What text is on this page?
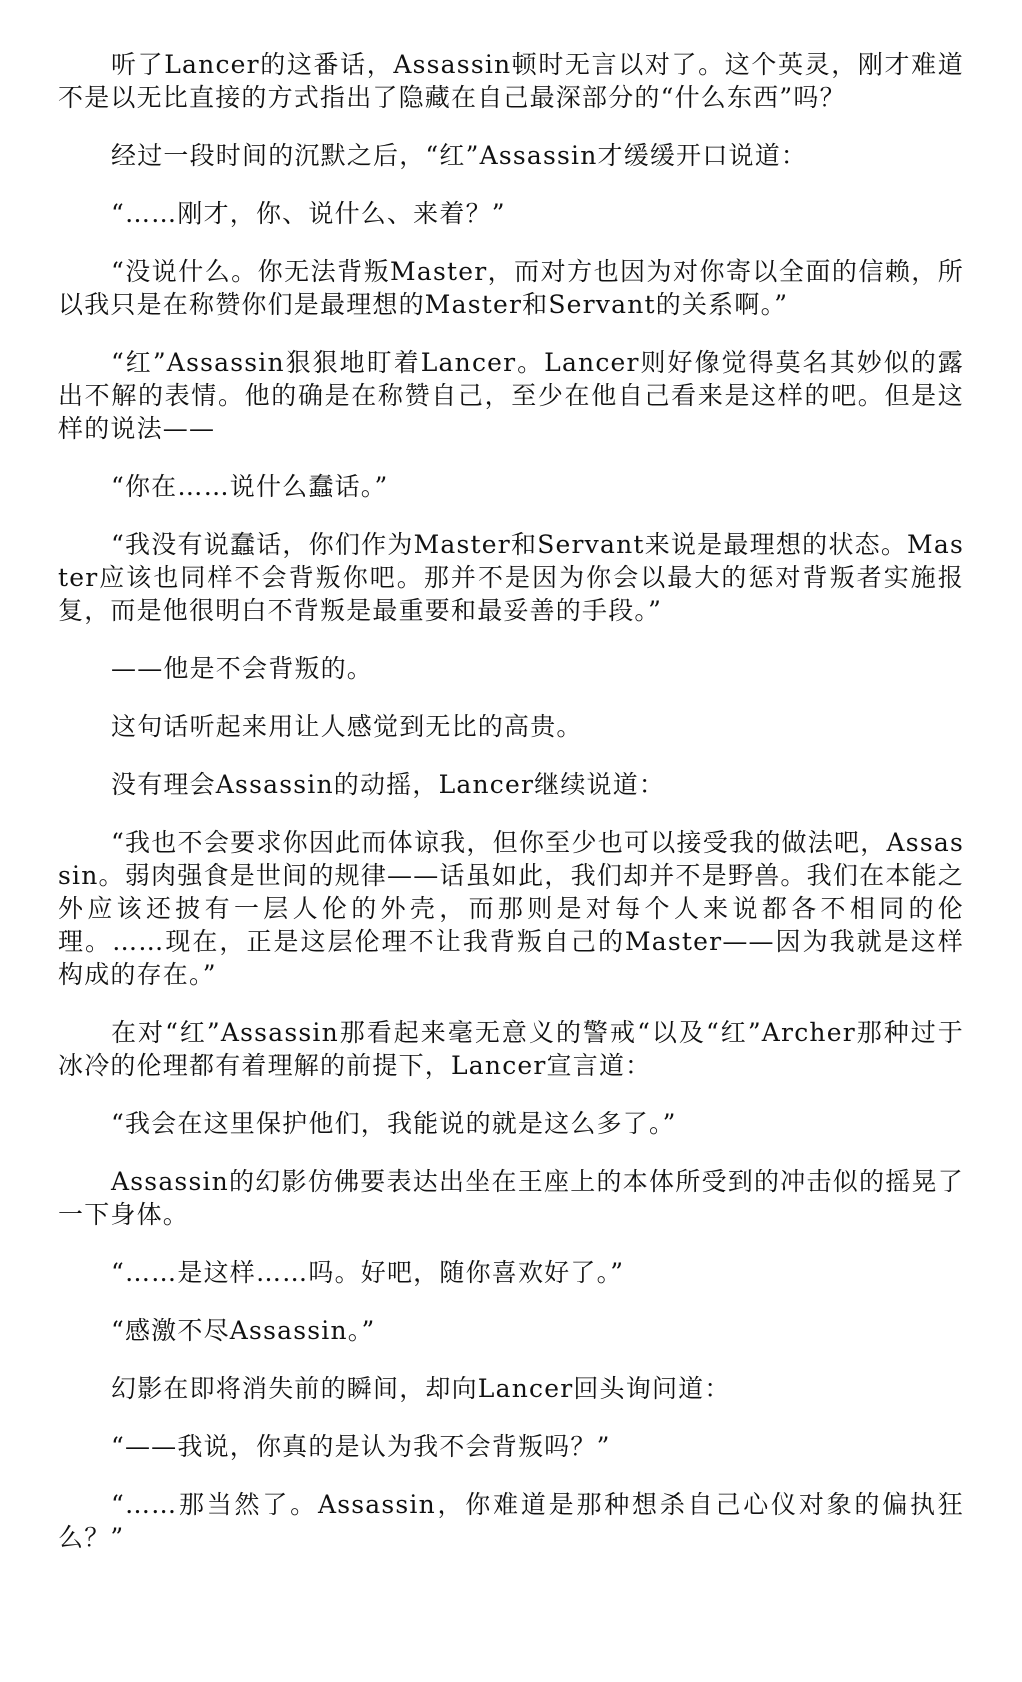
听了Lancer的这番话，Assassin顿时无言以对了。这个英灵，刚才难道不是以无比直接的方式指出了隐藏在自己最深部分的“什么东西”吗？

经过一段时间的沉默之后，“红”Assassin才缓缓开口说道：

“……刚才，你、说什么、来着？”

“没说什么。你无法背叛Master，而对方也因为对你寄以全面的信赖，所以我只是在称赞你们是最理想的Master和Servant的关系啊。”

“红”Assassin狠狠地盯着Lancer。Lancer则好像觉得莫名其妙似的露出不解的表情。他的确是在称赞自己，至少在他自己看来是这样的吧。但是这样的说法——

“你在……说什么蠢话。”

“我没有说蠢话，你们作为Master和Servant来说是最理想的状态。Master应该也同样不会背叛你吧。那并不是因为你会以最大的惩对背叛者实施报复，而是他很明白不背叛是最重要和最妥善的手段。”

——他是不会背叛的。

这句话听起来用让人感觉到无比的高贵。

没有理会Assassin的动摇，Lancer继续说道：

“我也不会要求你因此而体谅我，但你至少也可以接受我的做法吧，Assassin。弱肉强食是世间的规律——话虽如此，我们却并不是野兽。我们在本能之外应该还披有一层人伦的外壳，而那则是对每个人来说都各不相同的伦理。……现在，正是这层伦理不让我背叛自己的Master——因为我就是这样构成的存在。”

在对“红”Assassin那看起来毫无意义的警戒“以及“红”Archer那种过于冰冷的伦理都有着理解的前提下，Lancer宣言道：

“我会在这里保护他们，我能说的就是这么多了。”

Assassin的幻影仿佛要表达出坐在王座上的本体所受到的冲击似的摇晃了一下身体。

“……是这样……吗。好吧，随你喜欢好了。”

“感激不尽Assassin。”

幻影在即将消失前的瞬间，却向Lancer回头询问道：

“——我说，你真的是认为我不会背叛吗？”

“……那当然了。Assassin，你难道是那种想杀自己心仪对象的偏执狂么？”
